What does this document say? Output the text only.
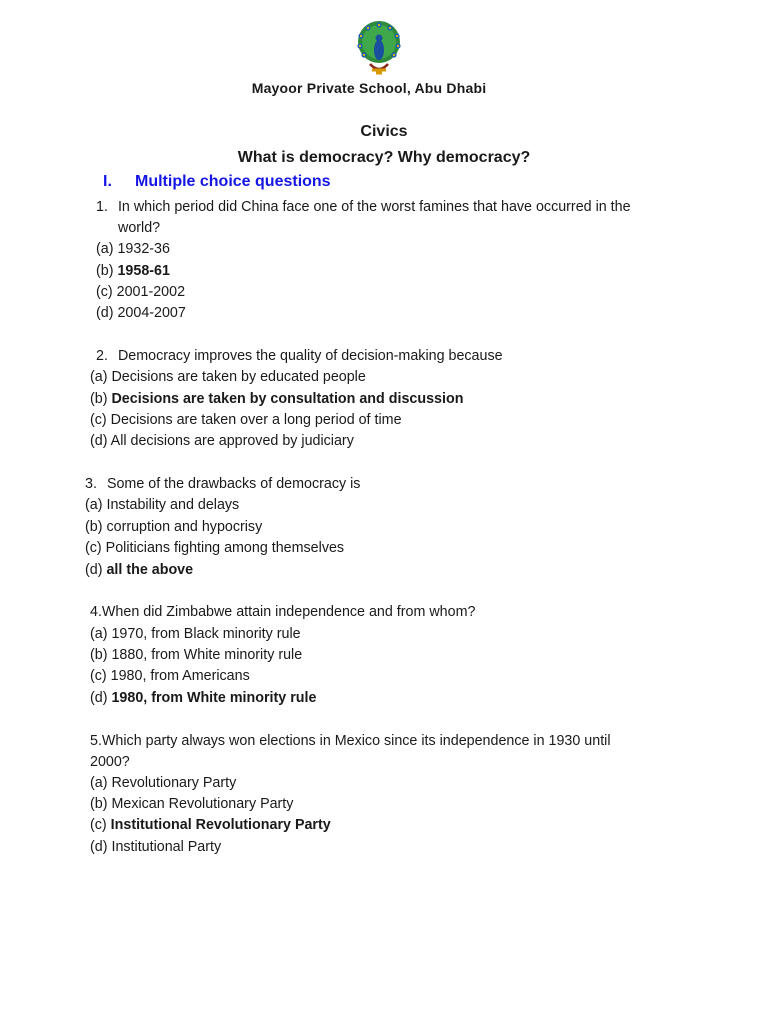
Mayoor Private School, Abu Dhabi
Civics
What is democracy? Why democracy?
I. Multiple choice questions
1. In which period did China face one of the worst famines that have occurred in the
world?
(a) 1932-36
(b) 1958-61
(c) 2001-2002
(d) 2004-2007
2. Democracy improves the quality of decision-making because
(a) Decisions are taken by educated people
(b) Decisions are taken by consultation and discussion
(c) Decisions are taken over a long period of time
(d) All decisions are approved by judiciary
3. Some of the drawbacks of democracy is
(a) Instability and delays
(b) corruption and hypocrisy
(c) Politicians fighting among themselves
(d) all the above
4.When did Zimbabwe attain independence and from whom?
(a) 1970, from Black minority rule
(b) 1880, from White minority rule
(c) 1980, from Americans
(d) 1980, from White minority rule
5.Which party always won elections in Mexico since its independence in 1930 until
2000?
(a) Revolutionary Party
(b) Mexican Revolutionary Party
(c) Institutional Revolutionary Party
(d) Institutional Party
